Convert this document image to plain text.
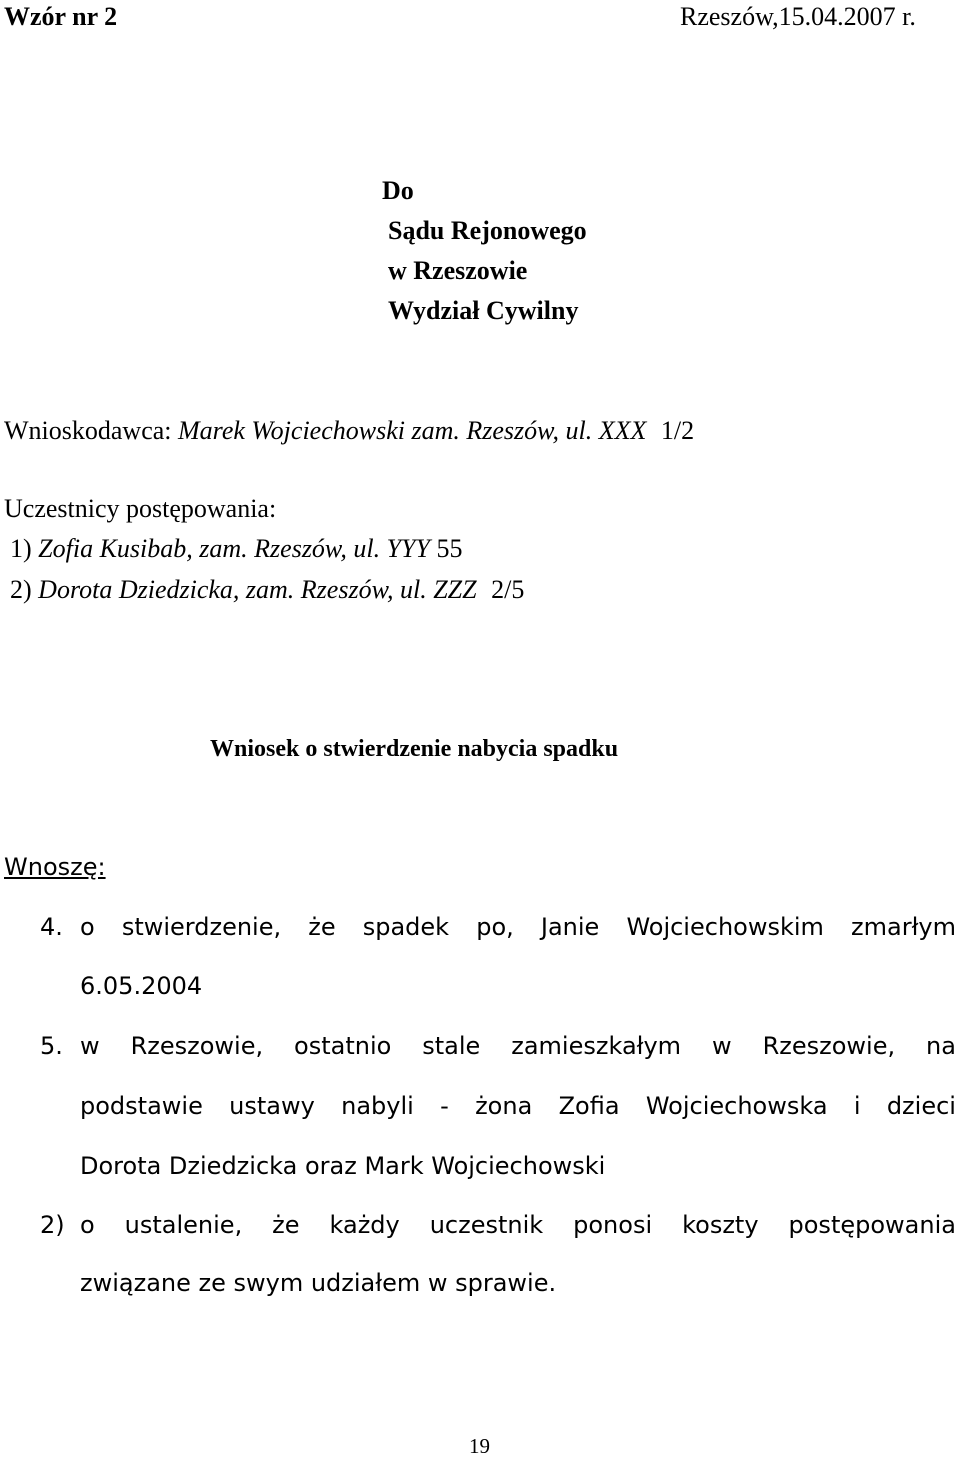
Wzór nr 2	Rzeszów,15.04.2007 r.
Do
Sądu Rejonowego
w Rzeszowie
Wydział Cywilny
Wnioskodawca: Marek Wojciechowski zam. Rzeszów, ul. XXX 1/2
Uczestnicy postępowania:
1) Zofia Kusibab, zam. Rzeszów, ul. YYY 55
2) Dorota Dziedzicka, zam. Rzeszów, ul. ZZZ 2/5
Wniosek o stwierdzenie nabycia spadku
Wnoszę:
4. o stwierdzenie, że spadek po, Janie Wojciechowskim zmarłym
6.05.2004
5. w Rzeszowie, ostatnio stale zamieszkałym w Rzeszowie, na
podstawie ustawy nabyli - żona Zofia Wojciechowska i dzieci
Dorota Dziedzicka oraz Mark Wojciechowski
2) o ustalenie, że każdy uczestnik ponosi koszty postępowania
związane ze swym udziałem w sprawie.
19
